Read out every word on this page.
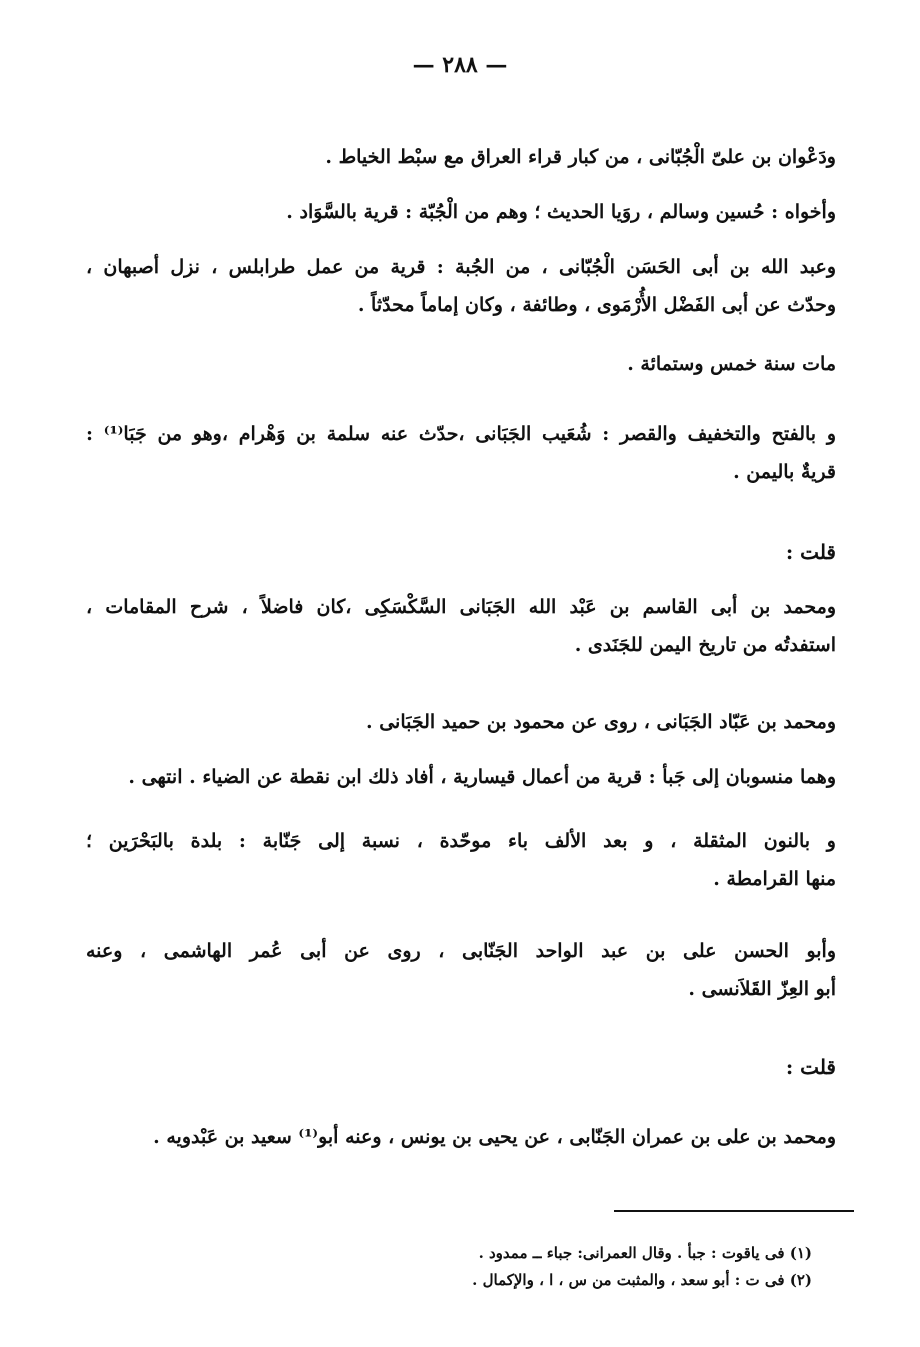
— ٢٨٨ —
ودَعْوان بن علىّ الْجُبّانى ، من كبار قراء العراق مع سبْط الخياط .
وأخواه : حُسين وسالم ، روَيا الحديث ؛ وهم من الْجُبّة : قرية بالسَّوَاد .
وعبد الله بن أبى الحَسَن الْجُبّانى ، من الجُبة : قرية من عمل طرابلس ، نزل أصبهان ،
وحدّث عن أبى الفَضْل الأُرْمَوى ، وطائفة ، وكان إماماً محدّثاً .
مات سنة خمس وستمائة .
و بالفتح والتخفيف والقصر : شُعَيب الجَبَانى ،حدّث عنه سلمة بن وَهْرام ،وهو من جَبَا⁽¹⁾ :
قريةٌ باليمن .
قلت :
ومحمد بن أبى القاسم بن عَبْد الله الجَبَانى السَّكْسَكِى ،كان فاضلاً ، شرح المقامات ،
استفدتُه من تاريخ اليمن للجَنَدى .
ومحمد بن عَبّاد الجَبَانى ، روى عن محمود بن حميد الجَبَانى .
وهما منسوبان إلى جَبأ : قرية من أعمال قيسارية ، أفاد ذلك ابن نقطة عن الضياء . انتهى .
و بالنون المثقلة ، و بعد الألف باء موحّدة ، نسبة إلى جَنّابة : بلدة بالبَحْرَين ؛
منها القرامطة .
وأبو الحسن على بن عبد الواحد الجَنّابى ، روى عن أبى عُمر الهاشمى ، وعنه
أبو العِزّ القَلاَنسى .
قلت :
ومحمد بن على بن عمران الجَنّابى ، عن يحيى بن يونس ، وعنه أبو⁽¹⁾ سعيد بن عَبْدويه .
(١) فى ياقوت : جبأ . وقال العمرانى: جباء ــ ممدود .
(٢) فى ت : أبو سعد ، والمثبت من س ، ا ، والإكمال .
